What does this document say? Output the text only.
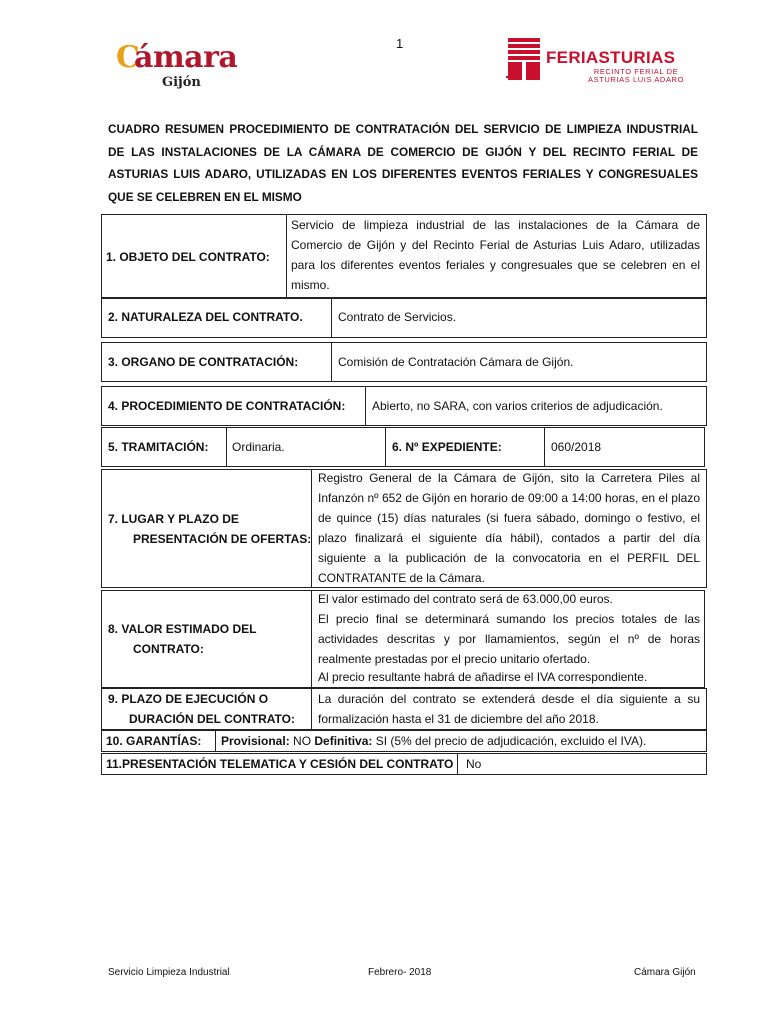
1
C
ámara
Gijón
FERIASTURIAS
RECINTO FERIAL DE
ASTURIAS LUIS ADARO
CUADRO RESUMEN PROCEDIMIENTO DE CONTRATACIÓN DEL SERVICIO DE LIMPIEZA INDUSTRIAL DE LAS INSTALACIONES DE LA CÁMARA DE COMERCIO DE GIJÓN Y DEL RECINTO FERIAL DE ASTURIAS LUIS ADARO, UTILIZADAS EN LOS DIFERENTES EVENTOS FERIALES Y CONGRESUALES QUE SE CELEBREN EN EL MISMO
1. OBJETO DEL CONTRATO:
Servicio de limpieza industrial de las instalaciones de la Cámara de Comercio de Gijón y del Recinto Ferial de Asturias Luis Adaro, utilizadas para los diferentes eventos feriales y congresuales que se celebren en el mismo.
2. NATURALEZA DEL CONTRATO.	Contrato de Servicios.
3. ORGANO DE CONTRATACIÓN:	Comisión de Contratación Cámara de Gijón.
4. PROCEDIMIENTO DE CONTRATACIÓN: Abierto, no SARA, con varios criterios de adjudicación.
5. TRAMITACIÓN: Ordinaria.	6. Nº EXPEDIENTE:	060/2018
7. LUGAR Y PLAZO DE
PRESENTACIÓN DE OFERTAS:
Registro General de la Cámara de Gijón, sito la Carretera Piles al Infanzón nº 652 de Gijón en horario de 09:00 a 14:00 horas, en el plazo de quince (15) días naturales (si fuera sábado, domingo o festivo, el plazo finalizará el siguiente día hábil), contados a partir del día siguiente a la publicación de la convocatoria en el PERFIL DEL CONTRATANTE de la Cámara.
8. VALOR ESTIMADO DEL
CONTRATO:
El valor estimado del contrato será de 63.000,00 euros.
El precio final se determinará sumando los precios totales de las actividades descritas y por llamamientos, según el nº de horas realmente prestadas por el precio unitario ofertado.
Al precio resultante habrá de añadirse el IVA correspondiente.
9. PLAZO DE EJECUCIÓN O
DURACIÓN DEL CONTRATO:
La duración del contrato se extenderá desde el día siguiente a su formalización hasta el 31 de diciembre del año 2018.
10. GARANTÍAS: Provisional: NO Definitiva: SI (5% del precio de adjudicación, excluido el IVA).
11.PRESENTACIÓN TELEMATICA Y CESIÓN DEL CONTRATO No
Servicio Limpieza Industrial	Febrero- 2018	Cámara Gijón
